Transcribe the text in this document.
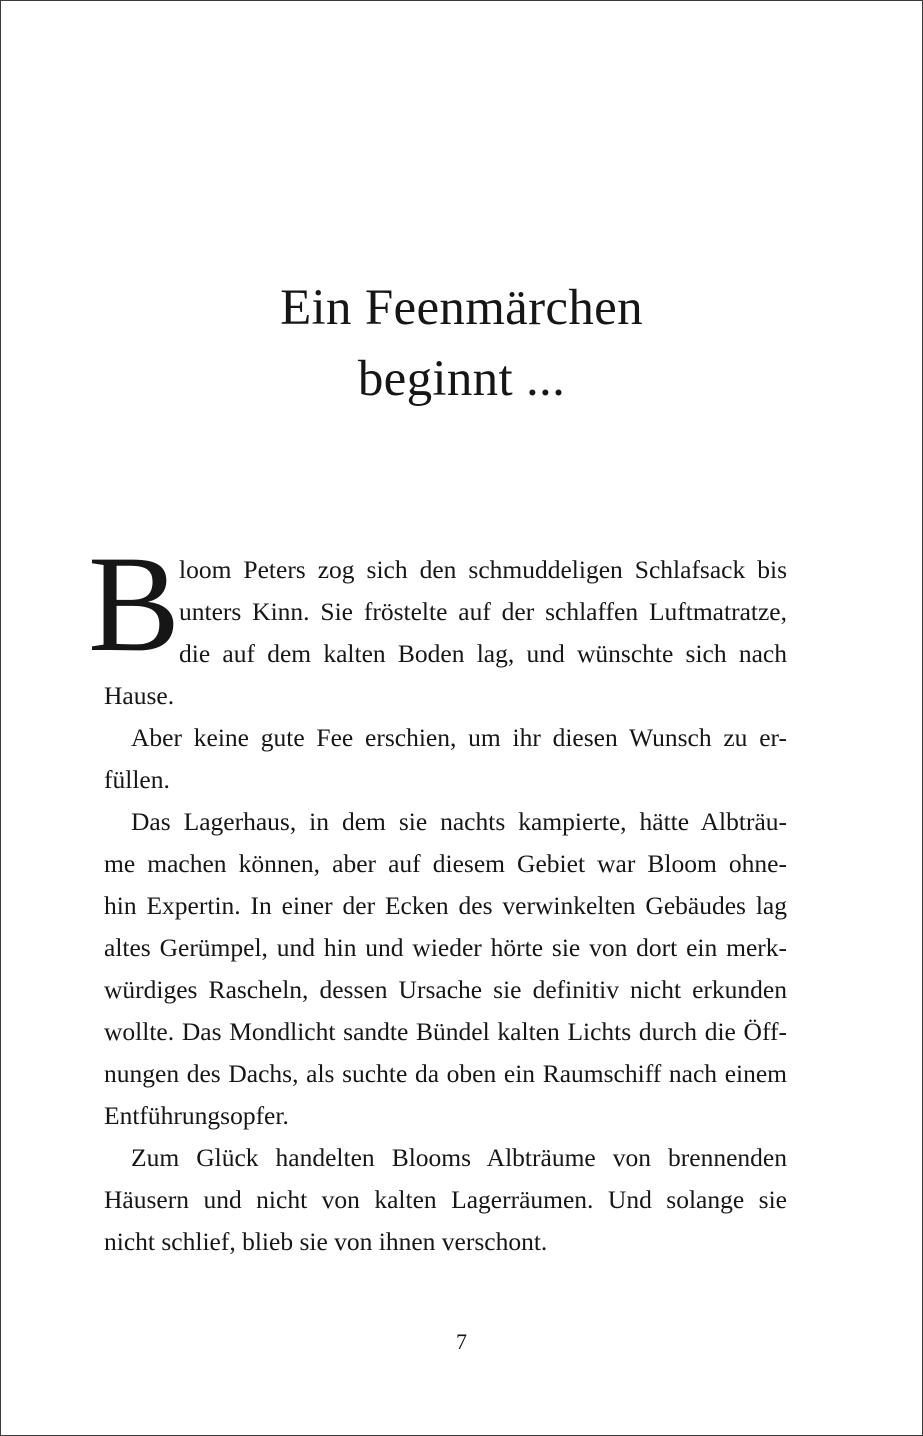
Ein Feenmärchen
beginnt ...
B loom Peters zog sich den schmuddeligen Schlafsack bis
unters Kinn. Sie fröstelte auf der schlaffen Luftmatratze,
die auf dem kalten Boden lag, und wünschte sich nach
Hause.
Aber keine gute Fee erschien, um ihr diesen Wunsch zu er-
füllen.
Das Lagerhaus, in dem sie nachts kampierte, hätte Albträu-
me machen können, aber auf diesem Gebiet war Bloom ohne-
hin Expertin. In einer der Ecken des verwinkelten Gebäudes lag
altes Gerümpel, und hin und wieder hörte sie von dort ein merk-
würdiges Rascheln, dessen Ursache sie definitiv nicht erkunden
wollte. Das Mondlicht sandte Bündel kalten Lichts durch die Öff-
nungen des Dachs, als suchte da oben ein Raumschiff nach einem
Entführungsopfer.
Zum Glück handelten Blooms Albträume von brennenden
Häusern und nicht von kalten Lagerräumen. Und solange sie
nicht schlief, blieb sie von ihnen verschont.
7
